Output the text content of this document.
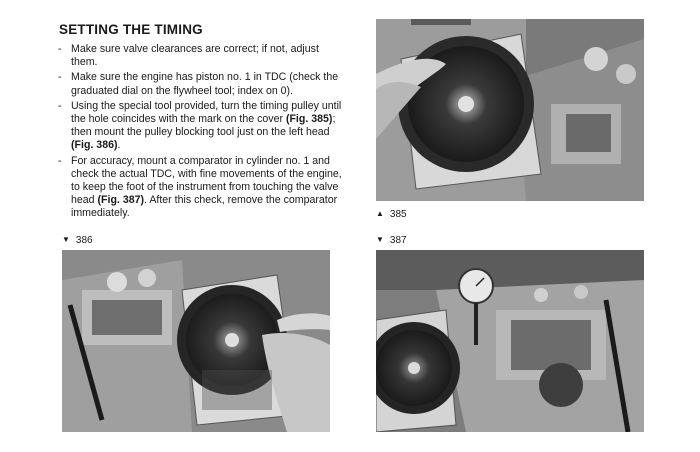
SETTING THE TIMING
- Make sure valve clearances are correct; if not, adjust them.
- Make sure the engine has piston no. 1 in TDC (check the graduated dial on the flywheel tool; index on 0).
- Using the special tool provided, turn the timing pulley until the hole coincides with the mark on the cover (Fig. 385); then mount the pulley blocking tool just on the left head (Fig. 386).
- For accuracy, mount a comparator in cylinder no. 1 and check the actual TDC, with fine movements of the engine, to keep the foot of the instrument from touching the valve head (Fig. 387). After this check, remove the comparator immediately.
▼ 386
▲ 385
▼ 387
